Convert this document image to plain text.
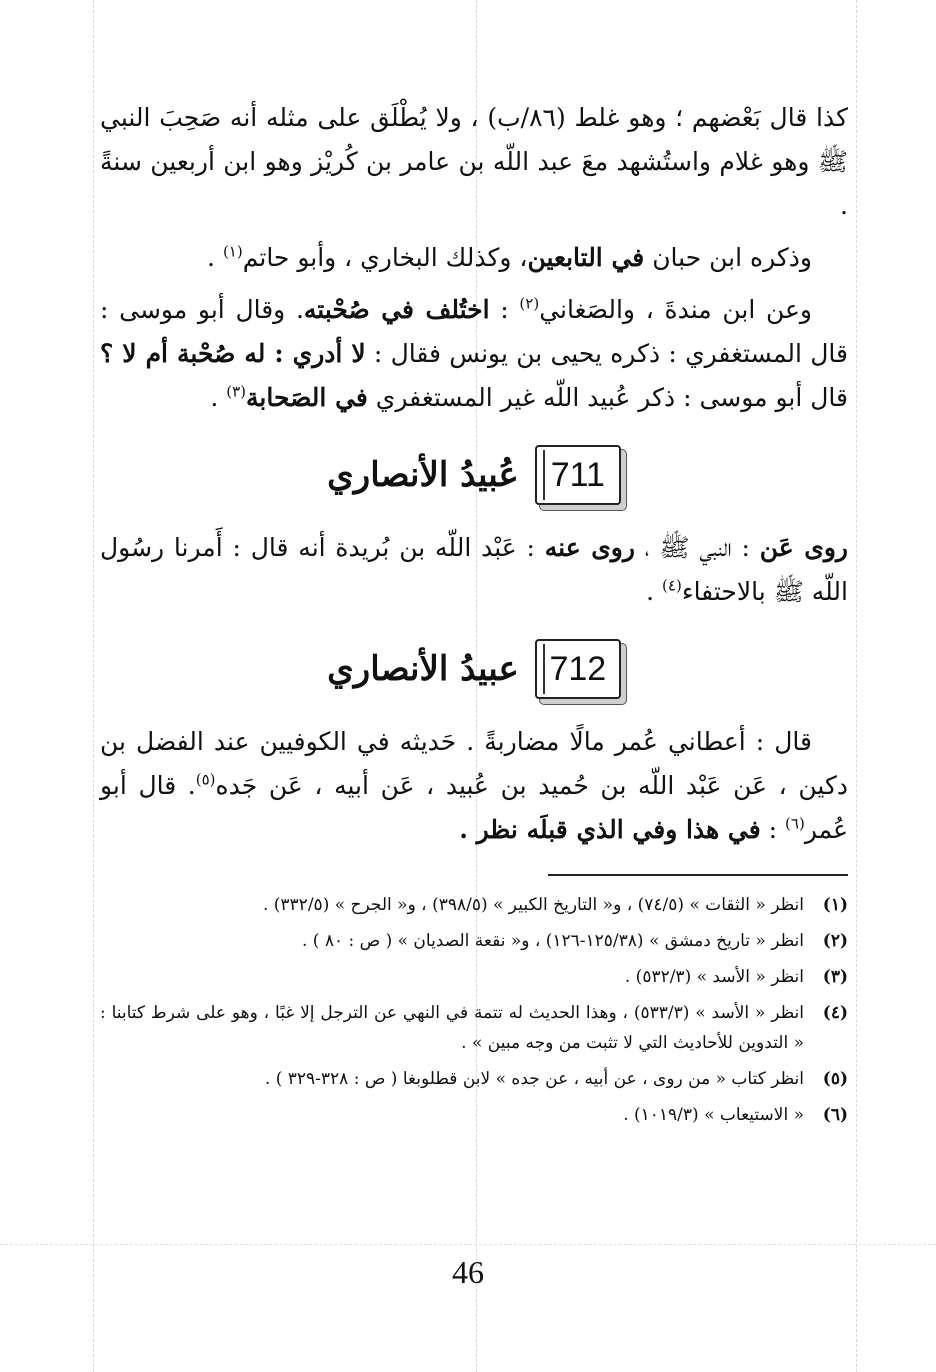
كذا قال بَعْضهم ؛ وهو غلط (٨٦/ب) ، ولا يُطْلَق على مثله أنه صَحِبَ النبي ﷺ وهو غلام واستُشهد معَ عبد اللّه بن عامر بن كُريْز وهو ابن أربعين سنةً .

وذكره ابن حبان في التابعين، وكذلك البخاري ، وأبو حاتم$^{(١)}$ .

وعن ابن مندةَ ، والصَغاني$^{(٢)}$ : اختُلف في صُحْبته. وقال أبو موسى : قال المستغفري : ذكره يحيى بن يونس فقال : لا أدري : له صُحْبة أم لا ؟ قال أبو موسى : ذكر عُبيد اللّه غير المستغفري في الصَحابة$^{(٣)}$ .

711
عُبيدُ الأنصاري

روى عَن : النبي ﷺ ، روى عنه : عَبْد اللّه بن بُريدة أنه قال : أَمرنا رسُول اللّه ﷺ بالاحتفاء$^{(٤)}$ .

712
عبيدُ الأنصاري

قال : أعطاني عُمر مالًا مضاربةً . حَديثه في الكوفيين عند الفضل بن دكين ، عَن عَبْد اللّه بن حُميد بن عُبيد ، عَن أبيه ، عَن جَده$^{(٥)}$. قال أبو عُمر$^{(٦)}$ : في هذا وفي الذي قبلَه نظر .

(١)
انظر « الثقات » (٧٤/٥) ، و« التاريخ الكبير » (٣٩٨/٥) ، و« الجرح » (٣٣٢/٥) .
(٢)
انظر « تاريخ دمشق » (١٢٥/٣٨-١٢٦) ، و« نقعة الصديان » ( ص : ٨٠ ) .
(٣)
انظر « الأسد » (٥٣٢/٣) .
(٤)
انظر « الأسد » (٥٣٣/٣) ، وهذا الحديث له تتمة في النهي عن الترجل إلا غبًا ، وهو على شرط كتابنا : « التدوين للأحاديث التي لا تثبت من وجه مبين » .
(٥)
انظر كتاب « من روى ، عن أبيه ، عن جده » لابن قطلوبغا ( ص : ٣٢٨-٣٢٩ ) .
(٦)
« الاستيعاب » (١٠١٩/٣) .
46
